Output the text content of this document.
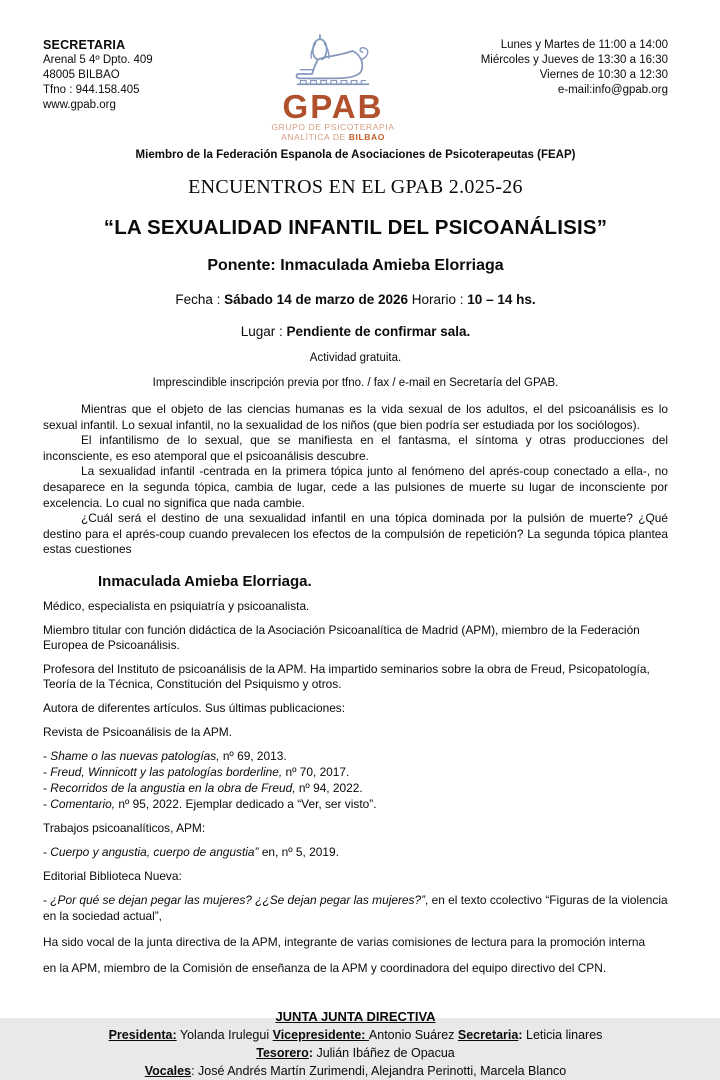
SECRETARIA
Arenal 5 4º Dpto. 409
48005 BILBAO
Tfno : 944.158.405
www.gpab.org	GPAB
GRUPO DE PSICOTERAPIA
ANALÍTICA DE BILBAO
Lunes y Martes de 11:00 a 14:00
Miércoles y Jueves de 13:30 a 16:30
Viernes de 10:30 a 12:30
e-mail:info@gpab.org
Miembro de la Federación Espanola de Asociaciones de Psicoterapeutas (FEAP)
ENCUENTROS EN EL GPAB 2.025-26
“LA SEXUALIDAD INFANTIL DEL PSICOANÁLISIS”
Ponente: Inmaculada Amieba Elorriaga
Fecha : Sábado 14 de marzo de 2026 Horario : 10 – 14 hs.
Lugar : Pendiente de confirmar sala.
Actividad gratuita.
Imprescindible inscripción previa por tfno. / fax / e-mail en Secretaría del GPAB.

Mientras que el objeto de las ciencias humanas es la vida sexual de los adultos, el del psicoanálisis es lo sexual infantil. Lo sexual infantil, no la sexualidad de los niños (que bien podría ser estudiada por los sociólogos).

El infantilismo de lo sexual, que se manifiesta en el fantasma, el síntoma y otras producciones del inconsciente, es eso atemporal que el psicoanálisis descubre.

La sexualidad infantil -centrada en la primera tópica junto al fenómeno del aprés-coup conectado a ella-, no desaparece en la segunda tópica, cambia de lugar, cede a las pulsiones de muerte su lugar de inconsciente por excelencia. Lo cual no significa que nada cambie.

¿Cuál será el destino de una sexualidad infantil en una tópica dominada por la pulsión de muerte? ¿Qué destino para el aprés-coup cuando prevalecen los efectos de la compulsión de repetición? La segunda tópica plantea estas cuestiones

Inmaculada Amieba Elorriaga.

Médico, especialista en psiquiatría y psicoanalista.

Miembro titular con función didáctica de la Asociación Psicoanalítica de Madrid (APM), miembro de la Federación Europea de Psicoanálisis.

Profesora del Instituto de psicoanálisis de la APM. Ha impartido seminarios sobre la obra de Freud, Psicopatología, Teoría de la Técnica, Constitución del Psiquismo y otros.

Autora de diferentes artículos. Sus últimas publicaciones:

Revista de Psicoanálisis de la APM.

- Shame o las nuevas patologías, nº 69, 2013.
- Freud, Winnicott y las patologías borderline, nº 70, 2017.
- Recorridos de la angustia en la obra de Freud, nº 94, 2022.
- Comentario, nº 95, 2022. Ejemplar dedicado a “Ver, ser visto”.

Trabajos psicoanalíticos, APM:

- Cuerpo y angustia, cuerpo de angustia” en, nº 5, 2019.

Editorial Biblioteca Nueva:

- ¿Por qué se dejan pegar las mujeres? ¿¿Se dejan pegar las mujeres?”, en el texto ccolectivo “Figuras de la violencia en la sociedad actual”,

Ha sido vocal de la junta directiva de la APM, integrante de varias comisiones de lectura para la promoción interna

en la APM, miembro de la Comisión de enseñanza de la APM y coordinadora del equipo directivo del CPN.

JUNTA JUNTA DIRECTIVA
Presidenta: Yolanda Irulegui Vicepresidente: Antonio Suárez Secretaria: Leticia linares
Tesorero: Julián Ibáñez de Opacua
Vocales: José Andrés Martín Zurimendi, Alejandra Perinotti, Marcela Blanco
